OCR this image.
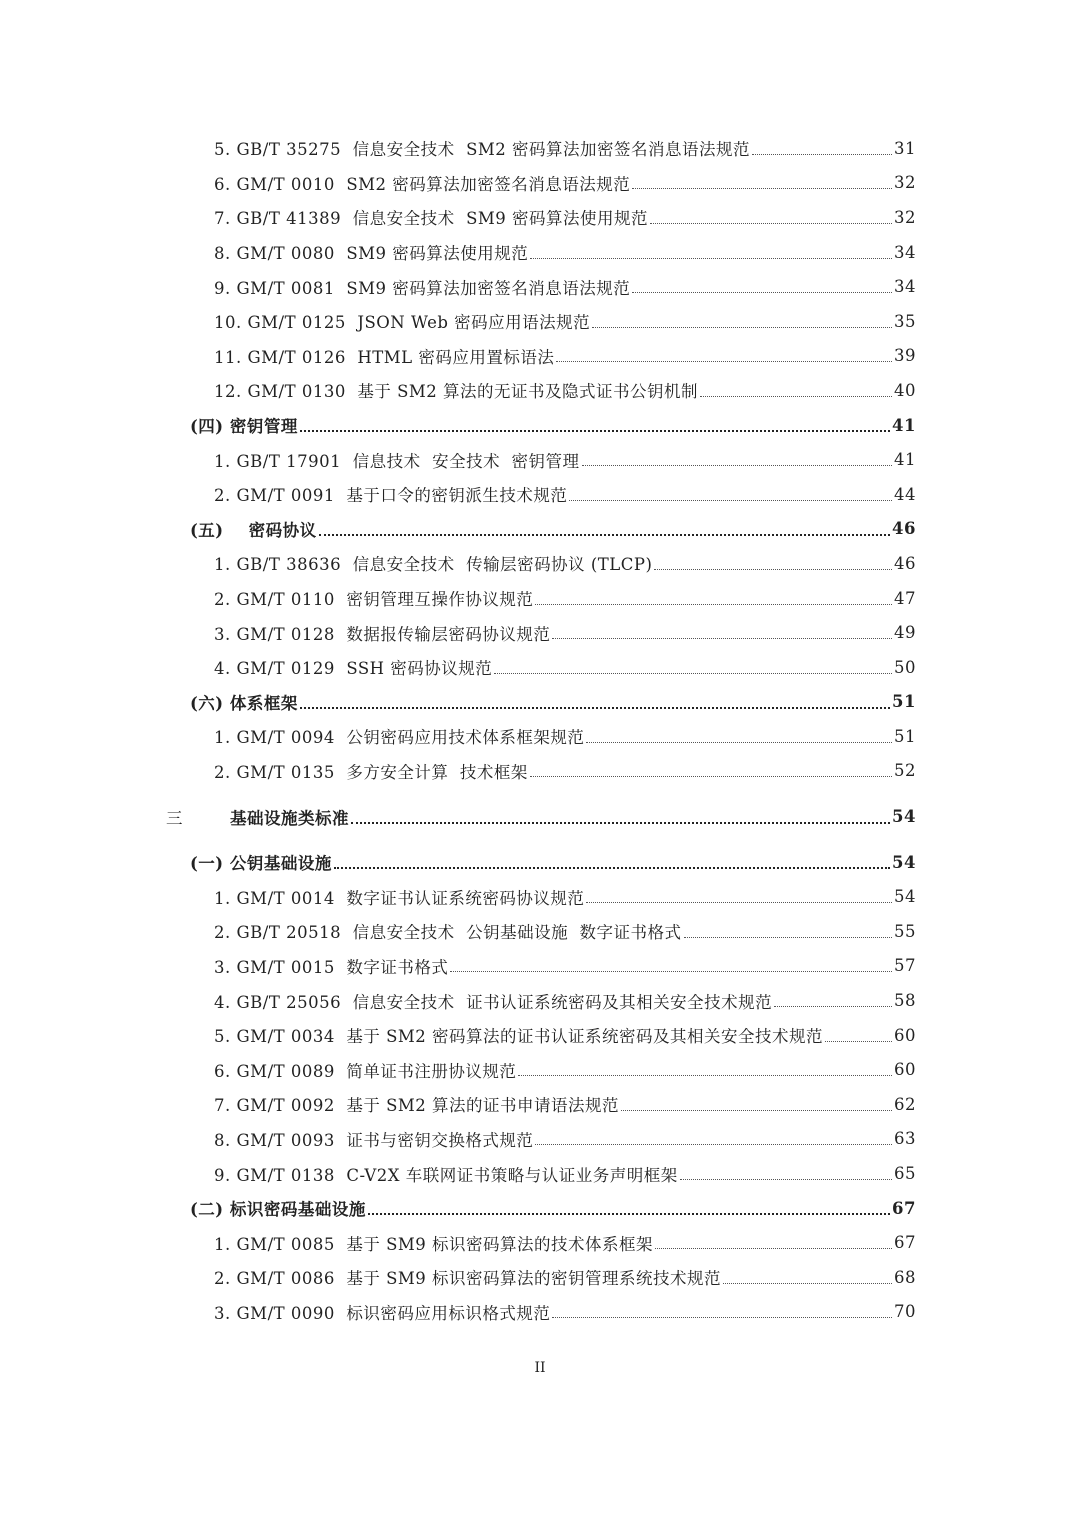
5. GB/T 35275  信息安全技术  SM2 密码算法加密签名消息语法规范	31
6. GM/T 0010  SM2 密码算法加密签名消息语法规范	32
7. GB/T 41389  信息安全技术  SM9 密码算法使用规范	32
8. GM/T 0080  SM9 密码算法使用规范	34
9. GM/T 0081  SM9 密码算法加密签名消息语法规范	34
10. GM/T 0125  JSON Web 密码应用语法规范	35
11. GM/T 0126  HTML 密码应用置标语法	39
12. GM/T 0130  基于 SM2 算法的无证书及隐式证书公钥机制	40
(四) 密钥管理	41
1. GB/T 17901  信息技术  安全技术  密钥管理	41
2. GM/T 0091  基于口令的密钥派生技术规范	44
(五)    密码协议	46
1. GB/T 38636  信息安全技术  传输层密码协议 (TLCP)	46
2. GM/T 0110  密钥管理互操作协议规范	47
3. GM/T 0128  数据报传输层密码协议规范	49
4. GM/T 0129  SSH 密码协议规范	50
(六) 体系框架	51
1. GM/T 0094  公钥密码应用技术体系框架规范	51
2. GM/T 0135  多方安全计算  技术框架	52
三	基础设施类标准	54
(一) 公钥基础设施	54
1. GM/T 0014  数字证书认证系统密码协议规范	54
2. GB/T 20518  信息安全技术  公钥基础设施  数字证书格式	55
3. GM/T 0015  数字证书格式	57
4. GB/T 25056  信息安全技术  证书认证系统密码及其相关安全技术规范	58
5. GM/T 0034  基于 SM2 密码算法的证书认证系统密码及其相关安全技术规范	60
6. GM/T 0089  简单证书注册协议规范	60
7. GM/T 0092  基于 SM2 算法的证书申请语法规范	62
8. GM/T 0093  证书与密钥交换格式规范	63
9. GM/T 0138  C-V2X 车联网证书策略与认证业务声明框架	65
(二) 标识密码基础设施	67
1. GM/T 0085  基于 SM9 标识密码算法的技术体系框架	67
2. GM/T 0086  基于 SM9 标识密码算法的密钥管理系统技术规范	68
3. GM/T 0090  标识密码应用标识格式规范	70
II
